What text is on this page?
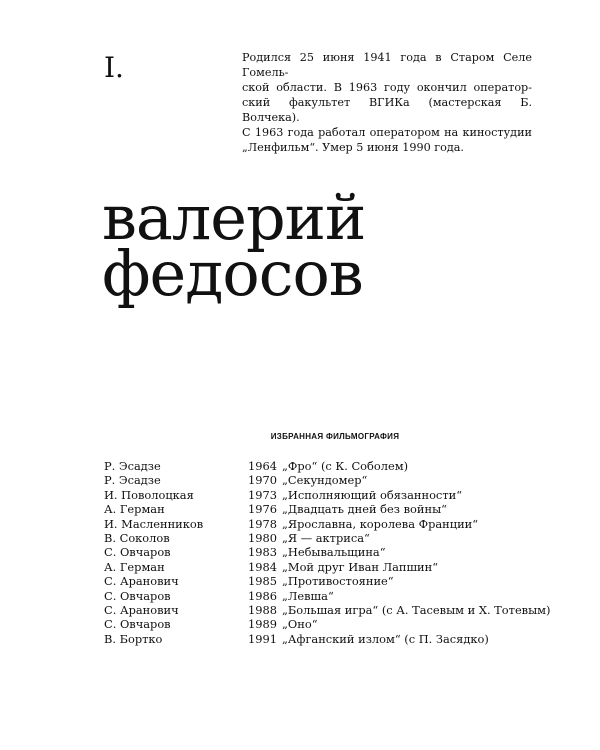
I.	Родился 25 июня 1941 года в Старом Селе Гомель-
ской области. В 1963 году окончил оператор-
ский факультет ВГИКа (мастерская Б. Волчека).
С 1963 года работал оператором на киностудии
„Ленфильм“. Умер 5 июня 1990 года.
валерий
федосов
ИЗБРАННАЯ ФИЛЬМОГРАФИЯ
Р. Эсадзе	1964 „Фро“ (с К. Соболем)
Р. Эсадзе	1970 „Секундомер“
И. Поволоцкая	1973 „Исполняющий обязанности“
А. Герман	1976 „Двадцать дней без войны“
И. Масленников	1978 „Ярославна, королева Франции“
В. Соколов	1980 „Я — актриса“
С. Овчаров	1983 „Небывальщина“
А. Герман	1984 „Мой друг Иван Лапшин“
С. Аранович	1985 „Противостояние“
С. Овчаров	1986 „Левша“
С. Аранович	1988 „Большая игра“ (с А. Тасевым и Х. Тотевым)
С. Овчаров	1989 „Оно“
В. Бортко	1991 „Афганский излом“ (с П. Засядко)
